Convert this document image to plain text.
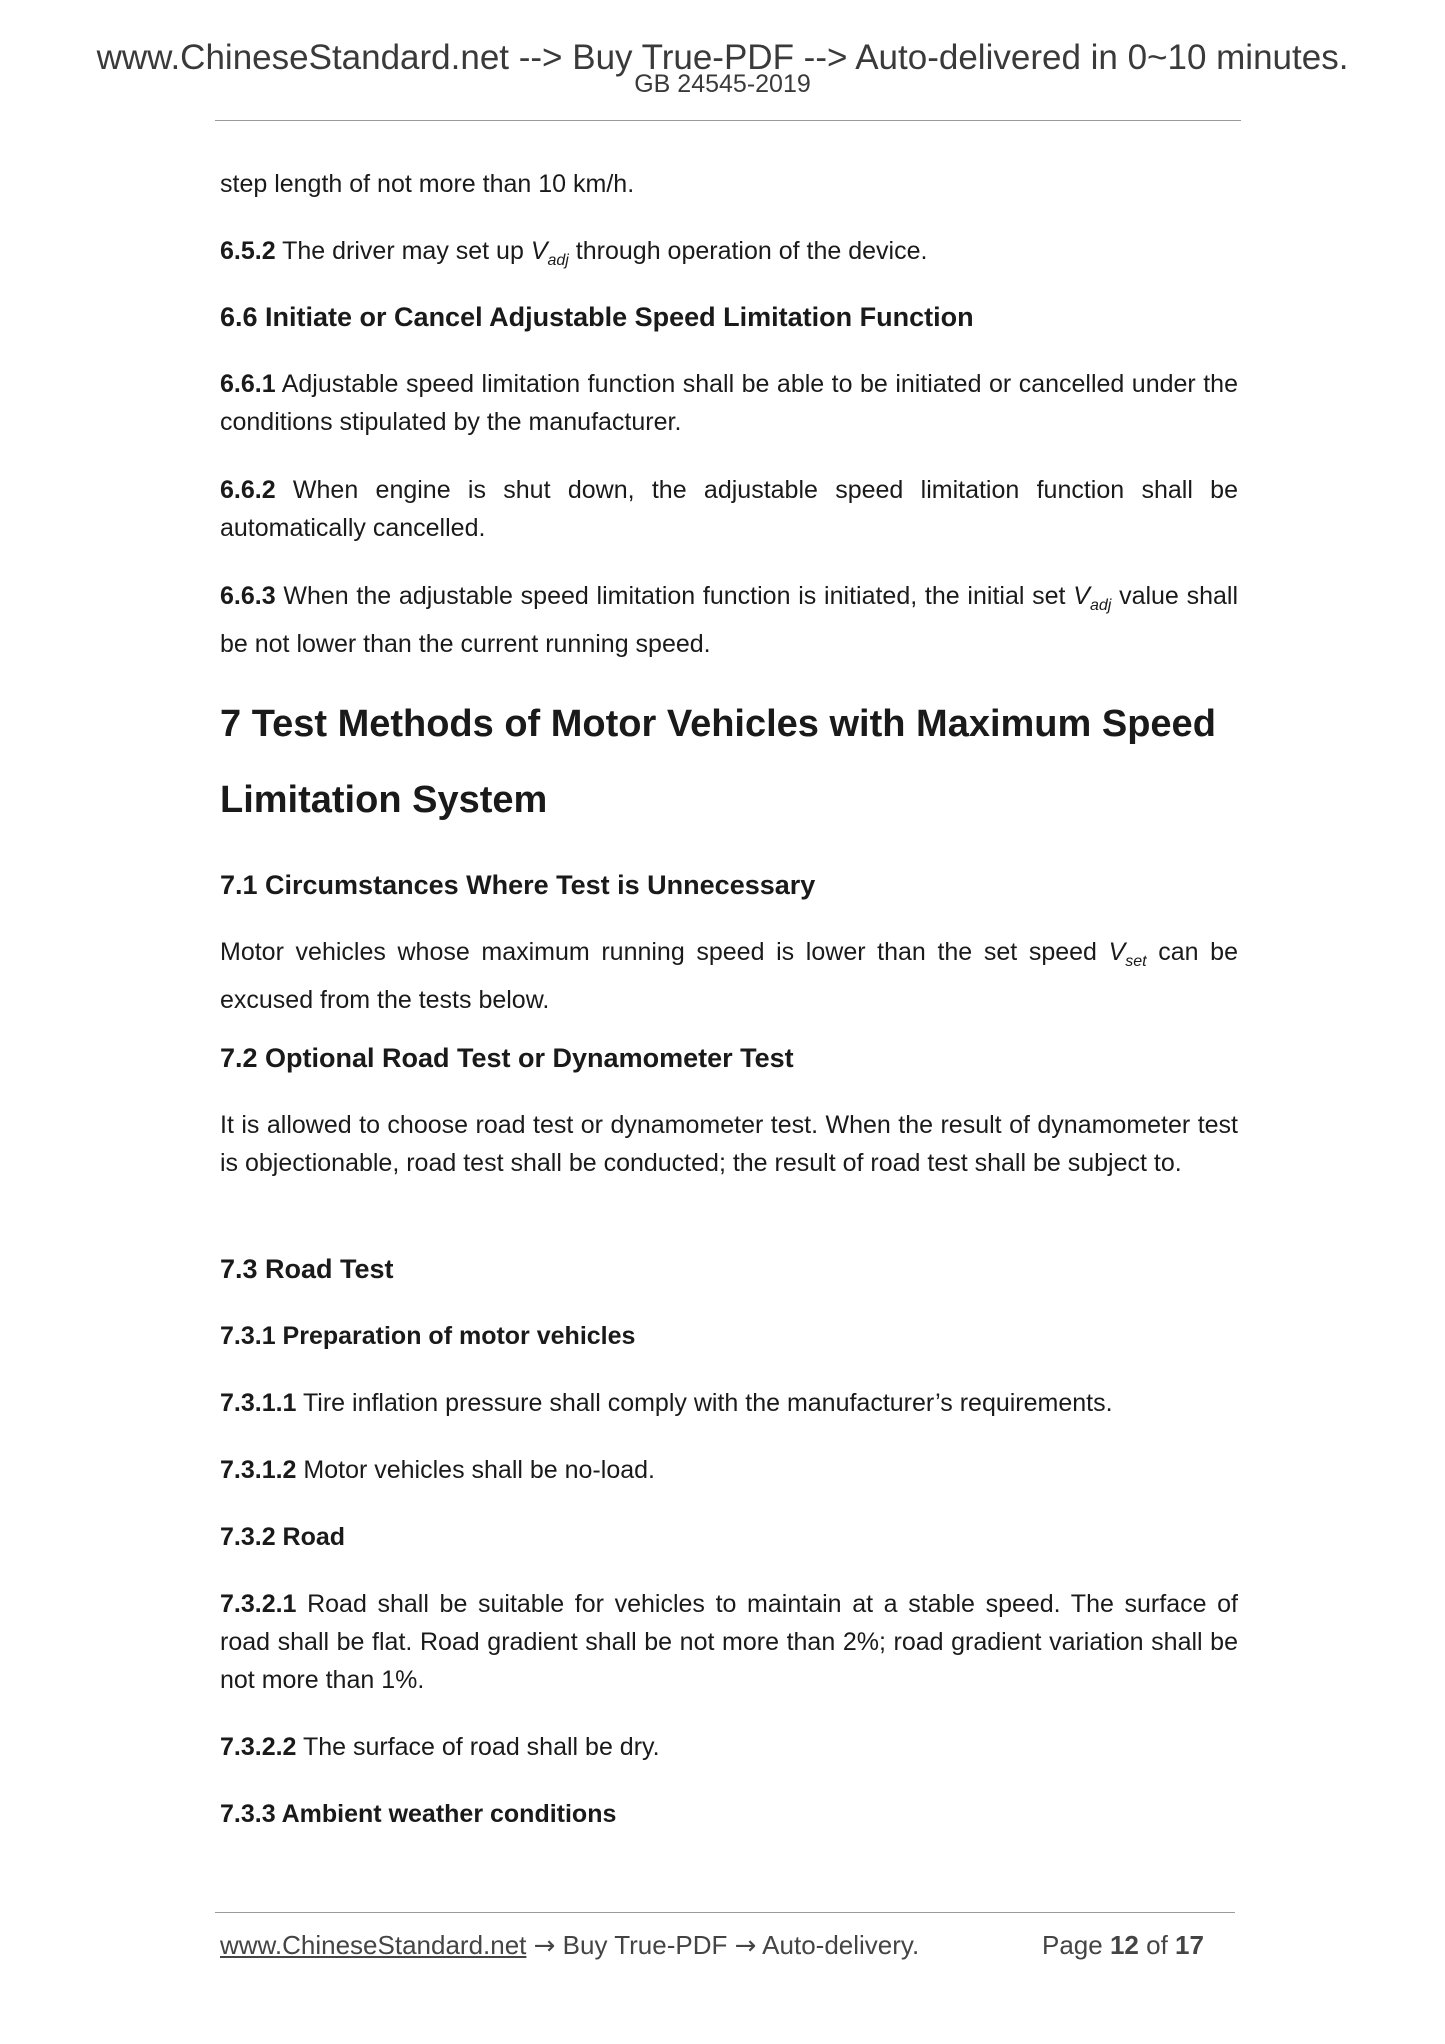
www.ChineseStandard.net --> Buy True-PDF --> Auto-delivered in 0~10 minutes.
GB 24545-2019

step length of not more than 10 km/h.

6.5.2 The driver may set up $V_{adj}$ through operation of the device.

6.6 Initiate or Cancel Adjustable Speed Limitation Function

6.6.1 Adjustable speed limitation function shall be able to be initiated or cancelled under the conditions stipulated by the manufacturer.

6.6.2 When engine is shut down, the adjustable speed limitation function shall be automatically cancelled.

6.6.3 When the adjustable speed limitation function is initiated, the initial set $V_{adj}$ value shall be not lower than the current running speed.

7 Test Methods of Motor Vehicles with Maximum Speed Limitation System
7.1 Circumstances Where Test is Unnecessary

Motor vehicles whose maximum running speed is lower than the set speed $V_{set}$ can be excused from the tests below.

7.2 Optional Road Test or Dynamometer Test

It is allowed to choose road test or dynamometer test. When the result of dynamometer test is objectionable, road test shall be conducted; the result of road test shall be subject to.

7.3 Road Test
7.3.1 Preparation of motor vehicles

7.3.1.1 Tire inflation pressure shall comply with the manufacturer’s requirements.

7.3.1.2 Motor vehicles shall be no-load.

7.3.2 Road

7.3.2.1 Road shall be suitable for vehicles to maintain at a stable speed. The surface of road shall be flat. Road gradient shall be not more than 2%; road gradient variation shall be not more than 1%.

7.3.2.2 The surface of road shall be dry.

7.3.3 Ambient weather conditions
www.ChineseStandard.net → Buy True-PDF → Auto-delivery.	Page 12 of 17
